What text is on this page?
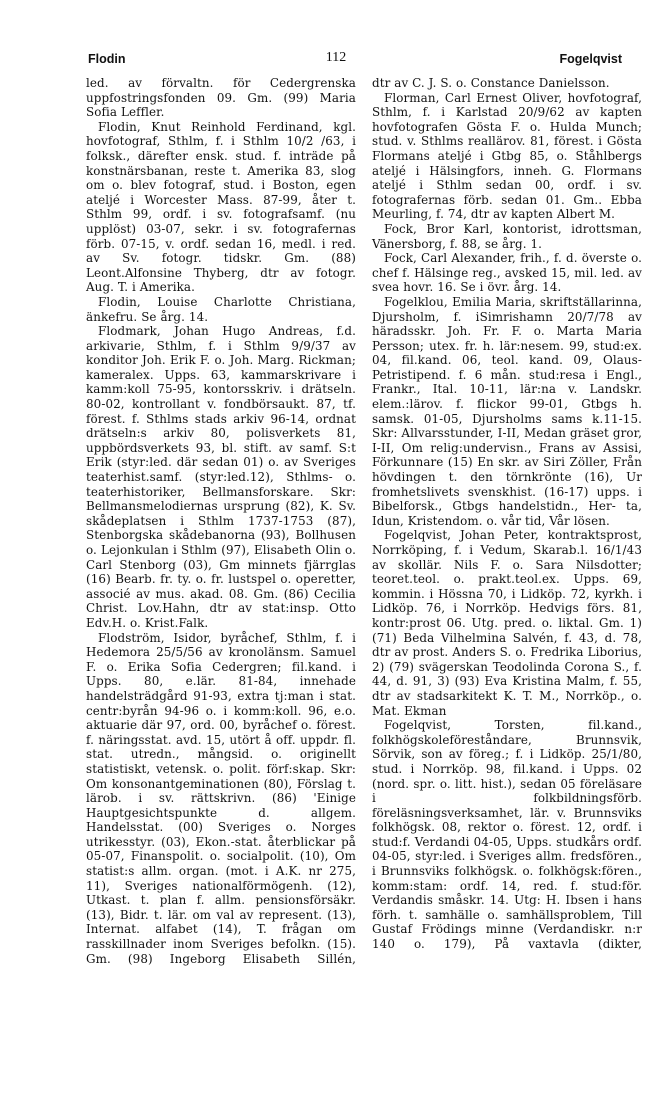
Flodin	112	Fogelqvist

led. av förvaltn. för Cedergrenska uppfostringsfonden 09. Gm. (99) Maria Sofia Leffler.

Flodin, Knut Reinhold Ferdinand, kgl. hovfotograf, Sthlm, f. i Sthlm 10/2 /63, i folksk., därefter ensk. stud. f. inträde på konstnärsbanan, reste t. Amerika 83, slog om o. blev fotograf, stud. i Boston, egen ateljé i Worcester Mass. 87-99, åter t. Sthlm 99, ordf. i sv. fotografsamf. (nu upplöst) 03-07, sekr. i sv. fotografernas förb. 07-15, v. ordf. sedan 16, medl. i red. av Sv. fotogr. tidskr. Gm. (88) Leont.Alfonsine Thyberg, dtr av fotogr. Aug. T. i Amerika.

Flodin, Louise Charlotte Christiana, änkefru. Se årg. 14.

Flodmark, Johan Hugo Andreas, f.d. arkivarie, Sthlm, f. i Sthlm 9/9/37 av konditor Joh. Erik F. o. Joh. Marg. Rickman; kameralex. Upps. 63, kammarskrivare i kamm:koll 75-95, kontorsskriv. i drätseln. 80-02, kontrollant v. fondbörsaukt. 87, tf. förest. f. Sthlms stads arkiv 96-14, ordnat drätseln:s arkiv 80, polisverkets 81, uppbördsverkets 93, bl. stift. av samf. S:t Erik (styr:led. där sedan 01) o. av Sveriges teaterhist.samf. (styr:led.12), Sthlms- o. teaterhistoriker, Bellmansforskare. Skr: Bellmansmelodiernas ursprung (82), K. Sv. skådeplatsen i Sthlm 1737-1753 (87), Stenborgska skådebanorna (93), Bollhusen o. Lejonkulan i Sthlm (97), Elisabeth Olin o. Carl Stenborg (03), Gm minnets fjärrglas (16) Bearb. fr. ty. o. fr. lustspel o. operetter, associé av mus. akad. 08. Gm. (86) Cecilia Christ. Lov.Hahn, dtr av stat:insp. Otto Edv.H. o. Krist.Falk.

Flodström, Isidor, byråchef, Sthlm, f. i Hedemora 25/5/56 av kronolänsm. Samuel F. o. Erika Sofia Cedergren; fil.kand. i Upps. 80, e.lär. 81-84, innehade handelsträdgård 91-93, extra tj:man i stat. centr:byrån 94-96 o. i komm:koll. 96, e.o. aktuarie där 97, ord. 00, byråchef o. förest. f. näringsstat. avd. 15, utört å off. uppdr. fl. stat. utredn., mångsid. o. originellt statistiskt, vetensk. o. polit. förf:skap. Skr: Om konsonantgeminationen (80), Förslag t. lärob. i sv. rättskrivn. (86) 'Einige Hauptgesichtspunkte d. allgem. Handelsstat. (00) Sveriges o. Norges utrikesstyr. (03), Ekon.-stat. återblickar på 05-07, Finanspolit. o. socialpolit. (10), Om statist:s allm. organ. (mot. i A.K. nr 275, 11), Sveriges nationalförmögenh. (12), Utkast. t. plan f. allm. pensionsförsäkr. (13), Bidr. t. lär. om val av represent. (13), Internat. alfabet (14), T. frågan om rasskillnader inom Sveriges befolkn. (15). Gm. (98) Ingeborg Elisabeth Sillén,

dtr av C. J. S. o. Constance Danielsson.

Florman, Carl Ernest Oliver, hovfotograf, Sthlm, f. i Karlstad 20/9/62 av kapten hovfotografen Gösta F. o. Hulda Munch; stud. v. Sthlms reallärov. 81, förest. i Gösta Flormans ateljé i Gtbg 85, o. Ståhlbergs ateljé i Hälsingfors, inneh. G. Flormans ateljé i Sthlm sedan 00, ordf. i sv. fotografernas förb. sedan 01. Gm.. Ebba Meurling, f. 74, dtr av kapten Albert M.

Fock, Bror Karl, kontorist, idrottsman, Vänersborg, f. 88, se årg. 1.

Fock, Carl Alexander, frih., f. d. överste o. chef f. Hälsinge reg., avsked 15, mil. led. av svea hovr. 16. Se i övr. årg. 14.

Fogelklou, Emilia Maria, skriftställarinna, Djursholm, f. iSimrishamn 20/7/78 av häradsskr. Joh. Fr. F. o. Marta Maria Persson; utex. fr. h. lär:nesem. 99, stud:ex. 04, fil.kand. 06, teol. kand. 09, Olaus-Petristipend. f. 6 mån. stud:resa i Engl., Frankr., Ital. 10-11, lär:na v. Landskr. elem.:lärov. f. flickor 99-01, Gtbgs h. samsk. 01-05, Djursholms sams k.11-15. Skr: Allvarsstunder, I-II, Medan gräset gror, I-II, Om relig:undervisn., Frans av Assisi, Förkunnare (15) En skr. av Siri Zöller, Från hövdingen t. den törnkrönte (16), Ur fromhetslivets svenskhist. (16-17) upps. i Bibelforsk., Gtbgs handelstidn., Her- ta, Idun, Kristendom. o. vår tid, Vår lösen.

Fogelqvist, Johan Peter, kontraktsprost, Norrköping, f. i Vedum, Skarab.l. 16/1/43 av skollär. Nils F. o. Sara Nilsdotter; teoret.teol. o. prakt.teol.ex. Upps. 69, kommin. i Hössna 70, i Lidköp. 72, kyrkh. i Lidköp. 76, i Norrköp. Hedvigs förs. 81, kontr:prost 06. Utg. pred. o. liktal. Gm. 1)(71) Beda Vilhelmina Salvén, f. 43, d. 78, dtr av prost. Anders S. o. Fredrika Liborius, 2) (79) svägerskan Teodolinda Corona S., f. 44, d. 91, 3) (93) Eva Kristina Malm, f. 55, dtr av stadsarkitekt K. T. M., Norrköp., o. Mat. Ekman

Fogelqvist, Torsten, fil.kand., folkhögskoleföreståndare, Brunnsvik, Sörvik, son av föreg.; f. i Lidköp. 25/1/80, stud. i Norrköp. 98, fil.kand. i Upps. 02 (nord. spr. o. litt. hist.), sedan 05 föreläsare i folkbildningsförb. föreläsningsverksamhet, lär. v. Brunnsviks folkhögsk. 08, rektor o. förest. 12, ordf. i stud:f. Verdandi 04-05, Upps. studkårs ordf. 04-05, styr:led. i Sveriges allm. fredsfören., i Brunnsviks folkhögsk. o. folkhögsk:fören., komm:stam: ordf. 14, red. f. stud:för. Verdandis småskr. 14. Utg: H. Ibsen i hans förh. t. samhälle o. samhällsproblem, Till Gustaf Frödings minne (Verdandiskr. n:r 140 o. 179), På vaxtavla (dikter,
